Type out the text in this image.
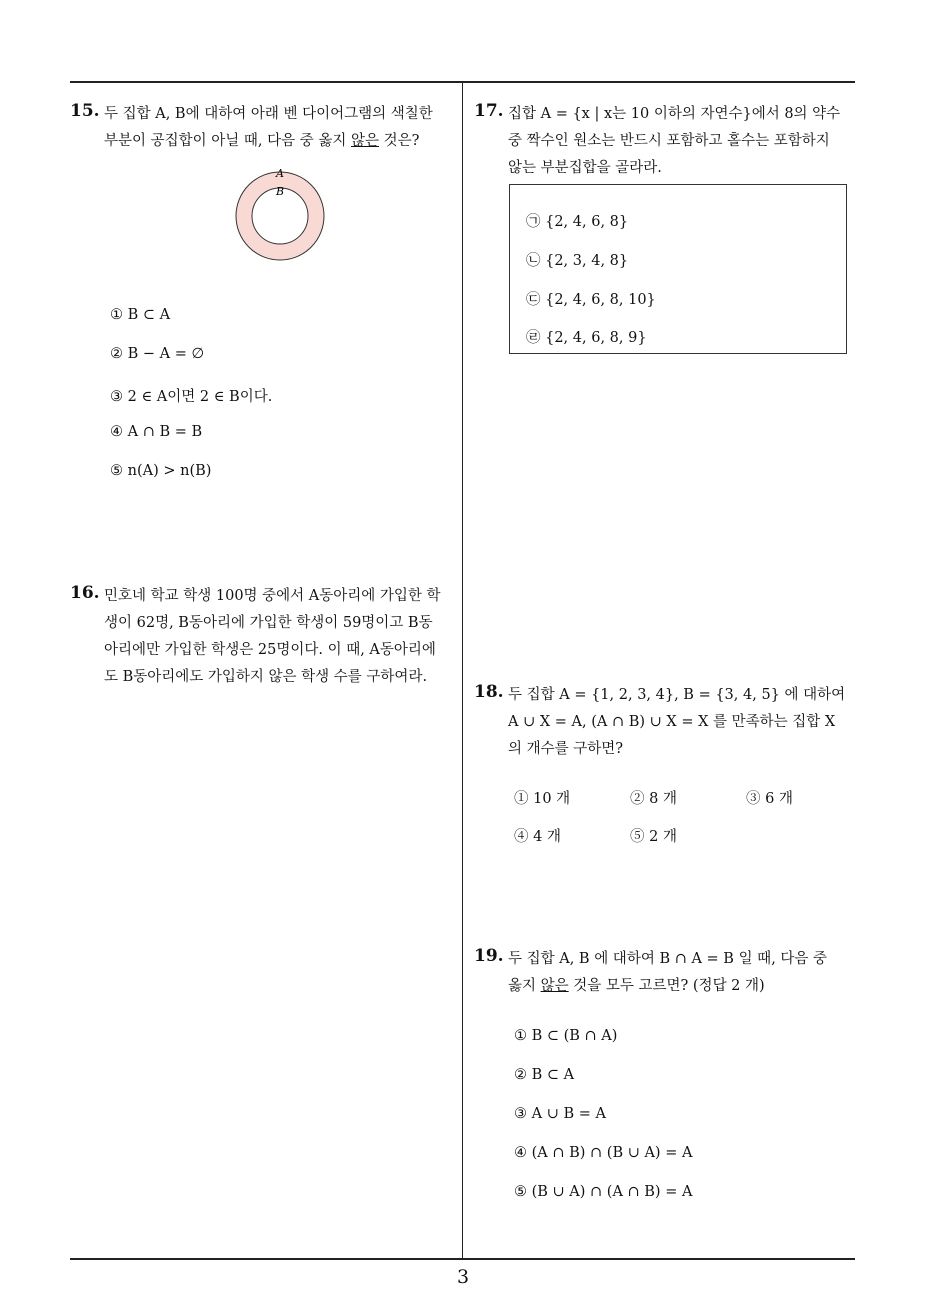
15. 두 집합 A, B에 대하여 아래 벤 다이어그램의 색칠한
부분이 공집합이 아닐 때, 다음 중 옳지 않은 것은?
A
B
① B ⊂ A
② B − A = ∅
③ 2 ∈ A이면 2 ∈ B이다.
④ A ∩ B = B
⑤ n(A) > n(B)
16. 민호네 학교 학생 100명 중에서 A동아리에 가입한 학
생이 62명, B동아리에 가입한 학생이 59명이고 B동
아리에만 가입한 학생은 25명이다. 이 때, A동아리에
도 B동아리에도 가입하지 않은 학생 수를 구하여라.
17. 집합 A = {x | x는 10 이하의 자연수}에서 8의 약수
중 짝수인 원소는 반드시 포함하고 홀수는 포함하지
않는 부분집합을 골라라.
㉠ {2, 4, 6, 8}
㉡ {2, 3, 4, 8}
㉢ {2, 4, 6, 8, 10}
㉣ {2, 4, 6, 8, 9}
18. 두 집합 A = {1, 2, 3, 4}, B = {3, 4, 5} 에 대하여
A ∪ X = A, (A ∩ B) ∪ X = X 를 만족하는 집합 X
의 개수를 구하면?
① 10 개	② 8 개	③ 6 개
④ 4 개	⑤ 2 개
19. 두 집합 A, B 에 대하여 B ∩ A = B 일 때, 다음 중
옳지 않은 것을 모두 고르면? (정답 2 개)
① B ⊂ (B ∩ A)
② B ⊂ A
③ A ∪ B = A
④ (A ∩ B) ∩ (B ∪ A) = A
⑤ (B ∪ A) ∩ (A ∩ B) = A
3
